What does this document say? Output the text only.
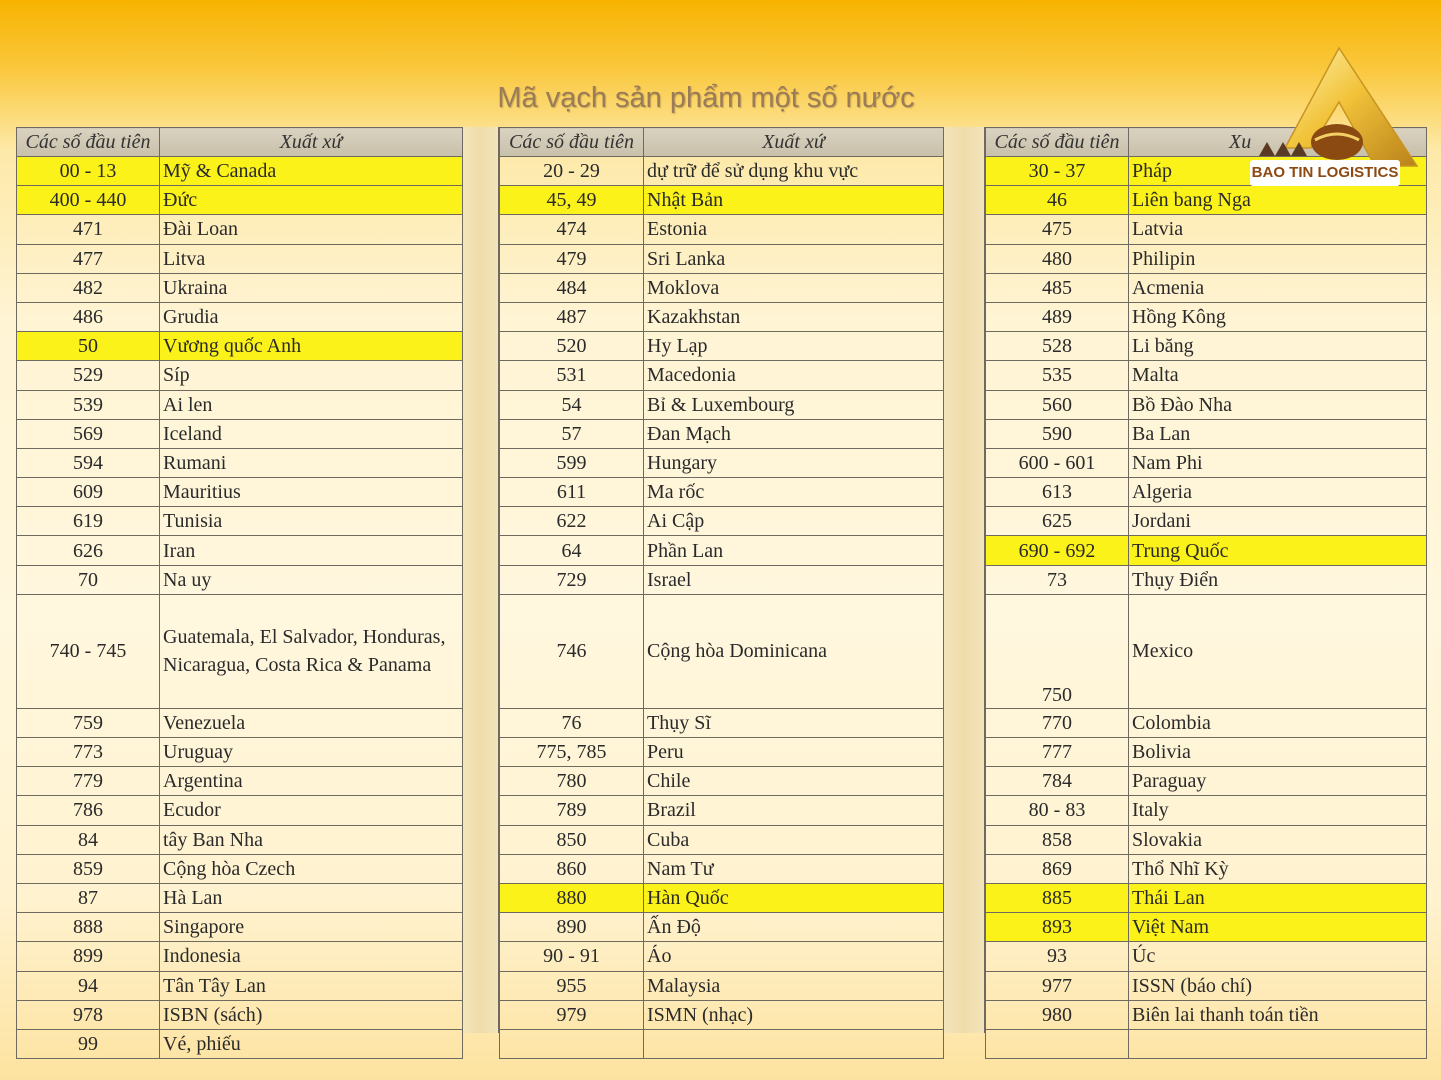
Mã vạch sản phẩm một số nước
Các số đầu tiên	Xuất xứ
00 - 13	Mỹ & Canada
400 - 440	Đức
471	Đài Loan
477	Litva
482	Ukraina
486	Grudia
50	Vương quốc Anh
529	Síp
539	Ai len
569	Iceland
594	Rumani
609	Mauritius
619	Tunisia
626	Iran
70	Na uy
740 - 745	Guatemala, El Salvador, Honduras, Nicaragua, Costa Rica & Panama
759	Venezuela
773	Uruguay
779	Argentina
786	Ecudor
84	tây Ban Nha
859	Cộng hòa Czech
87	Hà Lan
888	Singapore
899	Indonesia
94	Tân Tây Lan
978	ISBN (sách)
99	Vé, phiếu
Các số đầu tiên	Xuất xứ
20 - 29	dự trữ để sử dụng khu vực
45, 49	Nhật Bản
474	Estonia
479	Sri Lanka
484	Moklova
487	Kazakhstan
520	Hy Lạp
531	Macedonia
54	Bỉ & Luxembourg
57	Đan Mạch
599	Hungary
611	Ma rốc
622	Ai Cập
64	Phần Lan
729	Israel
746	Cộng hòa Dominicana
76	Thụy Sĩ
775, 785	Peru
780	Chile
789	Brazil
850	Cuba
860	Nam Tư
880	Hàn Quốc
890	Ấn Độ
90 - 91	Áo
955	Malaysia
979	ISMN (nhạc)

Các số đầu tiên	Xu
30 - 37	Pháp
46	Liên bang Nga
475	Latvia
480	Philipin
485	Acmenia
489	Hồng Kông
528	Li băng
535	Malta
560	Bồ Đào Nha
590	Ba Lan
600 - 601	Nam Phi
613	Algeria
625	Jordani
690 - 692	Trung Quốc
73	Thụy Điển
750	Mexico
770	Colombia
777	Bolivia
784	Paraguay
80 - 83	Italy
858	Slovakia
869	Thổ Nhĩ Kỳ
885	Thái Lan
893	Việt Nam
93	Úc
977	ISSN (báo chí)
980	Biên lai thanh toán tiền

BAO TIN LOGISTICS
